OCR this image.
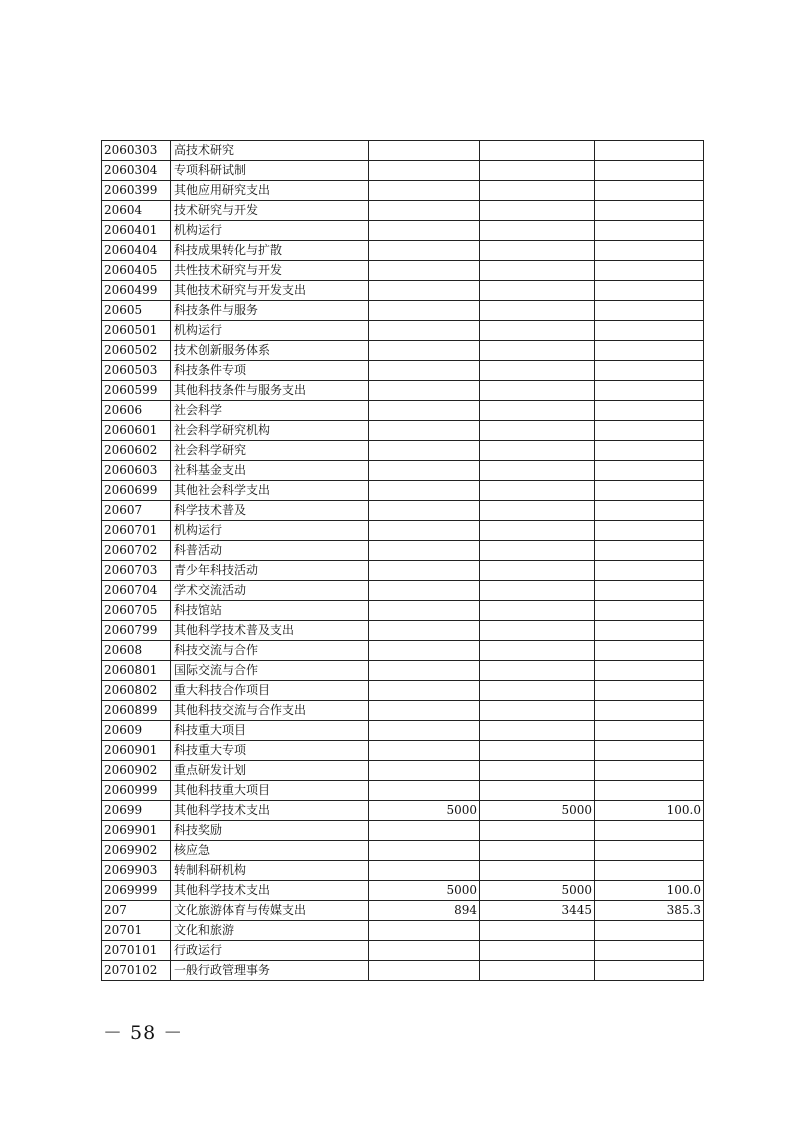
2060303	高技术研究			
2060304	专项科研试制			
2060399	其他应用研究支出			
20604	技术研究与开发			
2060401	机构运行			
2060404	科技成果转化与扩散			
2060405	共性技术研究与开发			
2060499	其他技术研究与开发支出			
20605	科技条件与服务			
2060501	机构运行			
2060502	技术创新服务体系			
2060503	科技条件专项			
2060599	其他科技条件与服务支出			
20606	社会科学			
2060601	社会科学研究机构			
2060602	社会科学研究			
2060603	社科基金支出			
2060699	其他社会科学支出			
20607	科学技术普及			
2060701	机构运行			
2060702	科普活动			
2060703	青少年科技活动			
2060704	学术交流活动			
2060705	科技馆站			
2060799	其他科学技术普及支出			
20608	科技交流与合作			
2060801	国际交流与合作			
2060802	重大科技合作项目			
2060899	其他科技交流与合作支出			
20609	科技重大项目			
2060901	科技重大专项			
2060902	重点研发计划			
2060999	其他科技重大项目			
20699	其他科学技术支出	5000	5000	100.0
2069901	科技奖励			
2069902	核应急			
2069903	转制科研机构			
2069999	其他科学技术支出	5000	5000	100.0
207	文化旅游体育与传媒支出	894	3445	385.3
20701	文化和旅游			
2070101	行政运行			
2070102	一般行政管理事务			
－ 58 －
